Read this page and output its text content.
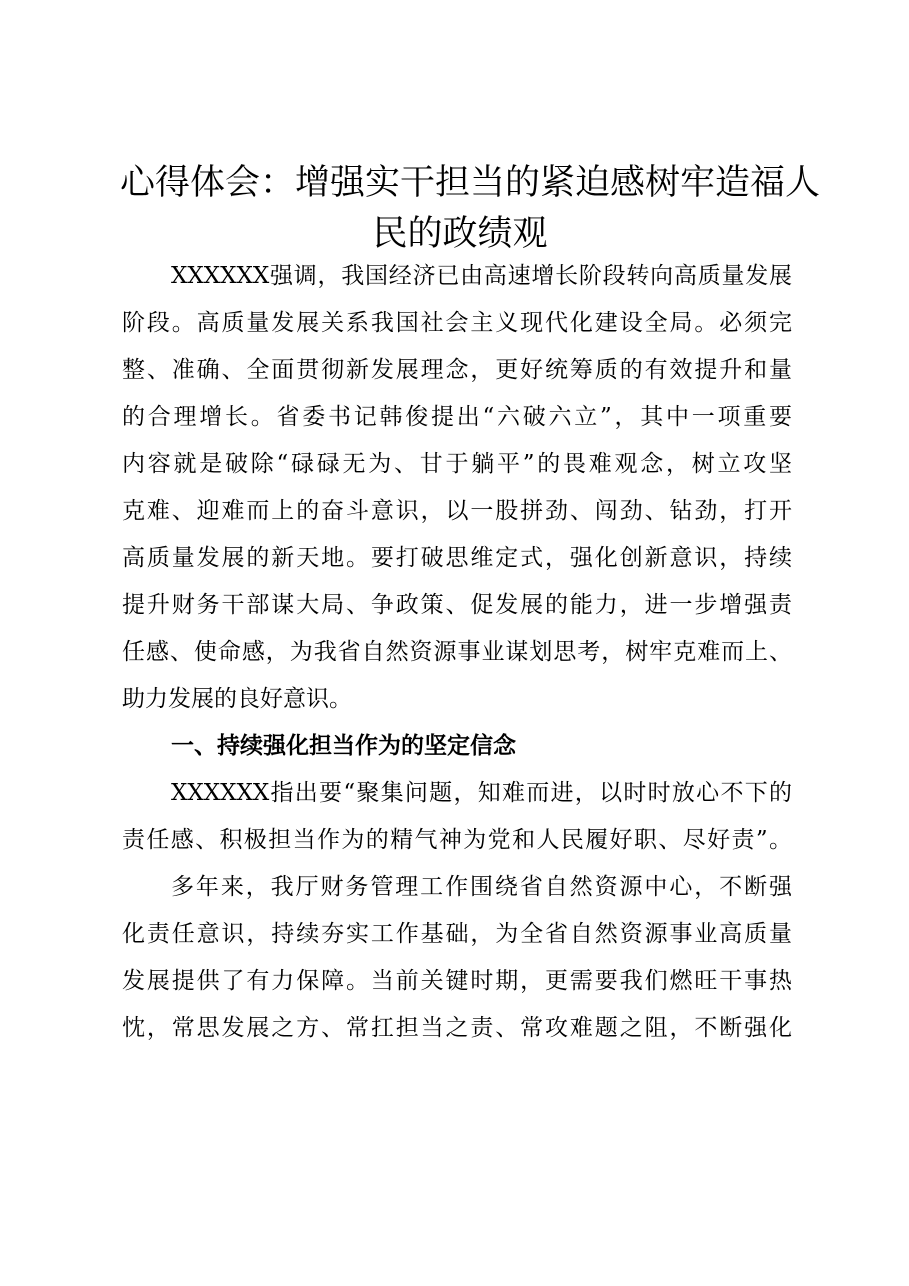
心得体会：增强实干担当的紧迫感树牢造福人
民的政绩观
XXXXXX强调，我国经济已由高速增长阶段转向高质量发展
阶段。高质量发展关系我国社会主义现代化建设全局。必须完
整、准确、全面贯彻新发展理念，更好统筹质的有效提升和量
的合理增长。省委书记韩俊提出“六破六立”，其中一项重要
内容就是破除“碌碌无为、甘于躺平”的畏难观念，树立攻坚
克难、迎难而上的奋斗意识，以一股拼劲、闯劲、钻劲，打开
高质量发展的新天地。要打破思维定式，强化创新意识，持续
提升财务干部谋大局、争政策、促发展的能力，进一步增强责
任感、使命感，为我省自然资源事业谋划思考，树牢克难而上、
助力发展的良好意识。
一、持续强化担当作为的坚定信念
XXXXXX指出要“聚集问题，知难而进，以时时放心不下的
责任感、积极担当作为的精气神为党和人民履好职、尽好责”。
多年来，我厅财务管理工作围绕省自然资源中心，不断强
化责任意识，持续夯实工作基础，为全省自然资源事业高质量
发展提供了有力保障。当前关键时期，更需要我们燃旺干事热
忱，常思发展之方、常扛担当之责、常攻难题之阻，不断强化
